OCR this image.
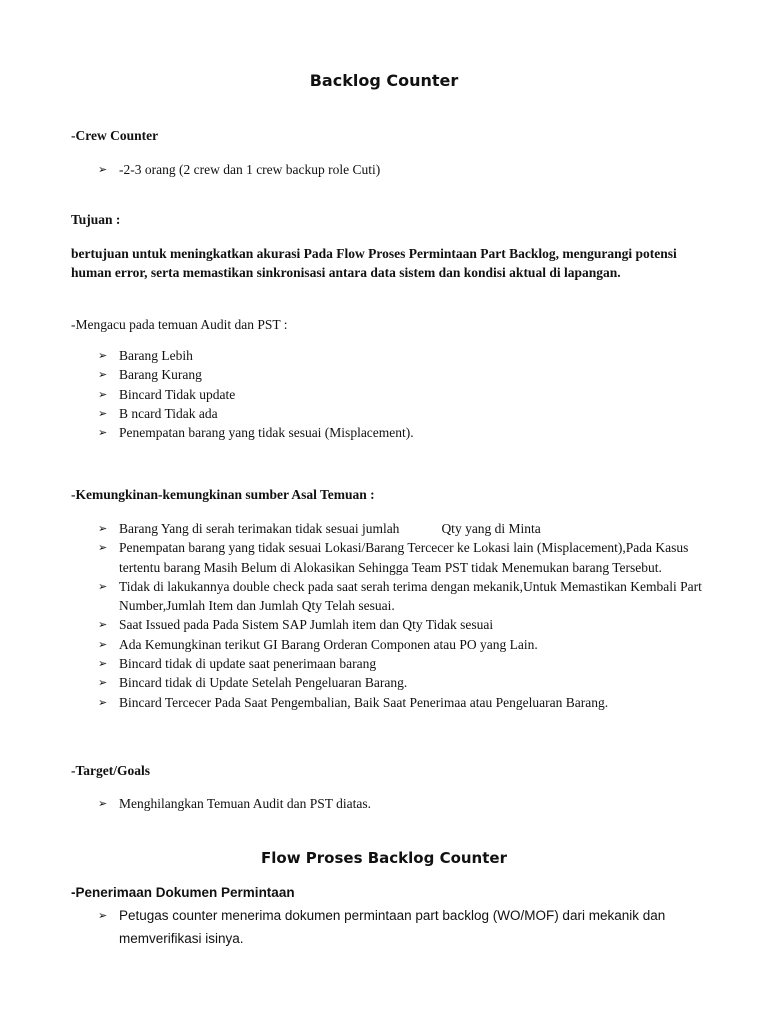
Backlog Counter
-Crew Counter
➢ -2-3 orang (2 crew dan 1 crew backup role Cuti)
Tujuan :
bertujuan untuk meningkatkan akurasi Pada Flow Proses Permintaan Part Backlog, mengurangi potensi human error, serta memastikan sinkronisasi antara data sistem dan kondisi aktual di lapangan.
-Mengacu pada temuan Audit dan PST :
➢ Barang Lebih
➢ Barang Kurang
➢ Bincard Tidak update
➢ B ncard Tidak ada
➢ Penempatan barang yang tidak sesuai (Misplacement).
-Kemungkinan-kemungkinan sumber Asal Temuan :
➢ Barang Yang di serah terimakan tidak sesuai jumlah	Qty yang di Minta
➢ Penempatan barang yang tidak sesuai Lokasi/Barang Tercecer ke Lokasi lain (Misplacement),Pada Kasus tertentu barang Masih Belum di Alokasikan Sehingga Team PST tidak Menemukan barang Tersebut.
➢ Tidak di lakukannya double check pada saat serah terima dengan mekanik,Untuk Memastikan Kembali Part Number,Jumlah Item dan Jumlah Qty Telah sesuai.
➢ Saat Issued pada Pada Sistem SAP Jumlah item dan Qty Tidak sesuai
➢ Ada Kemungkinan terikut GI Barang Orderan Componen atau PO yang Lain.
➢ Bincard tidak di update saat penerimaan barang
➢ Bincard tidak di Update Setelah Pengeluaran Barang.
➢ Bincard Tercecer Pada Saat Pengembalian, Baik Saat Penerimaa atau Pengeluaran Barang.
-Target/Goals
➢ Menghilangkan Temuan Audit dan PST diatas.
Flow Proses Backlog Counter
-Penerimaan Dokumen Permintaan
➢ Petugas counter menerima dokumen permintaan part backlog (WO/MOF) dari mekanik dan memverifikasi isinya.
